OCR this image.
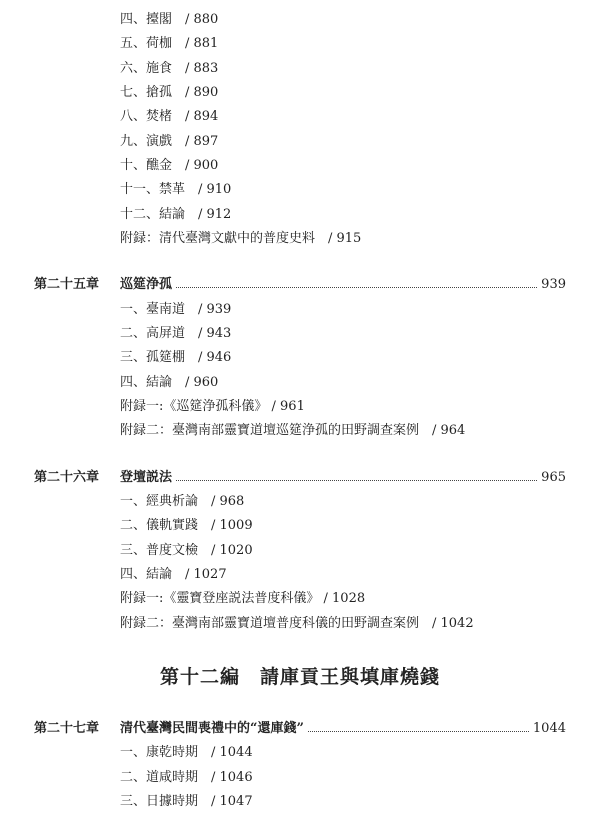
四、擡閣　/ 880
五、荷枷　/ 881
六、施食　/ 883
七、搶孤　/ 890
八、焚楮　/ 894
九、演戲　/ 897
十、醮金　/ 900
十一、禁革　/ 910
十二、結論　/ 912
附録：清代臺灣文獻中的普度史料　/ 915
第二十五章	巡筵浄孤	939
一、臺南道　/ 939
二、高屏道　/ 943
三、孤筵棚　/ 946
四、結論　/ 960
附録一:《巡筵浄孤科儀》 / 961
附録二：臺灣南部靈寶道壇巡筵浄孤的田野調查案例　/ 964
第二十六章	登壇説法	965
一、經典析論　/ 968
二、儀軌實踐　/ 1009
三、普度文檢　/ 1020
四、結論　/ 1027
附録一:《靈寶登座説法普度科儀》 / 1028
附録二：臺灣南部靈寶道壇普度科儀的田野調查案例　/ 1042
第十二編　請庫貢王與填庫燒錢
第二十七章	清代臺灣民間喪禮中的“還庫錢”	1044
一、康乾時期　/ 1044
二、道咸時期　/ 1046
三、日據時期　/ 1047
